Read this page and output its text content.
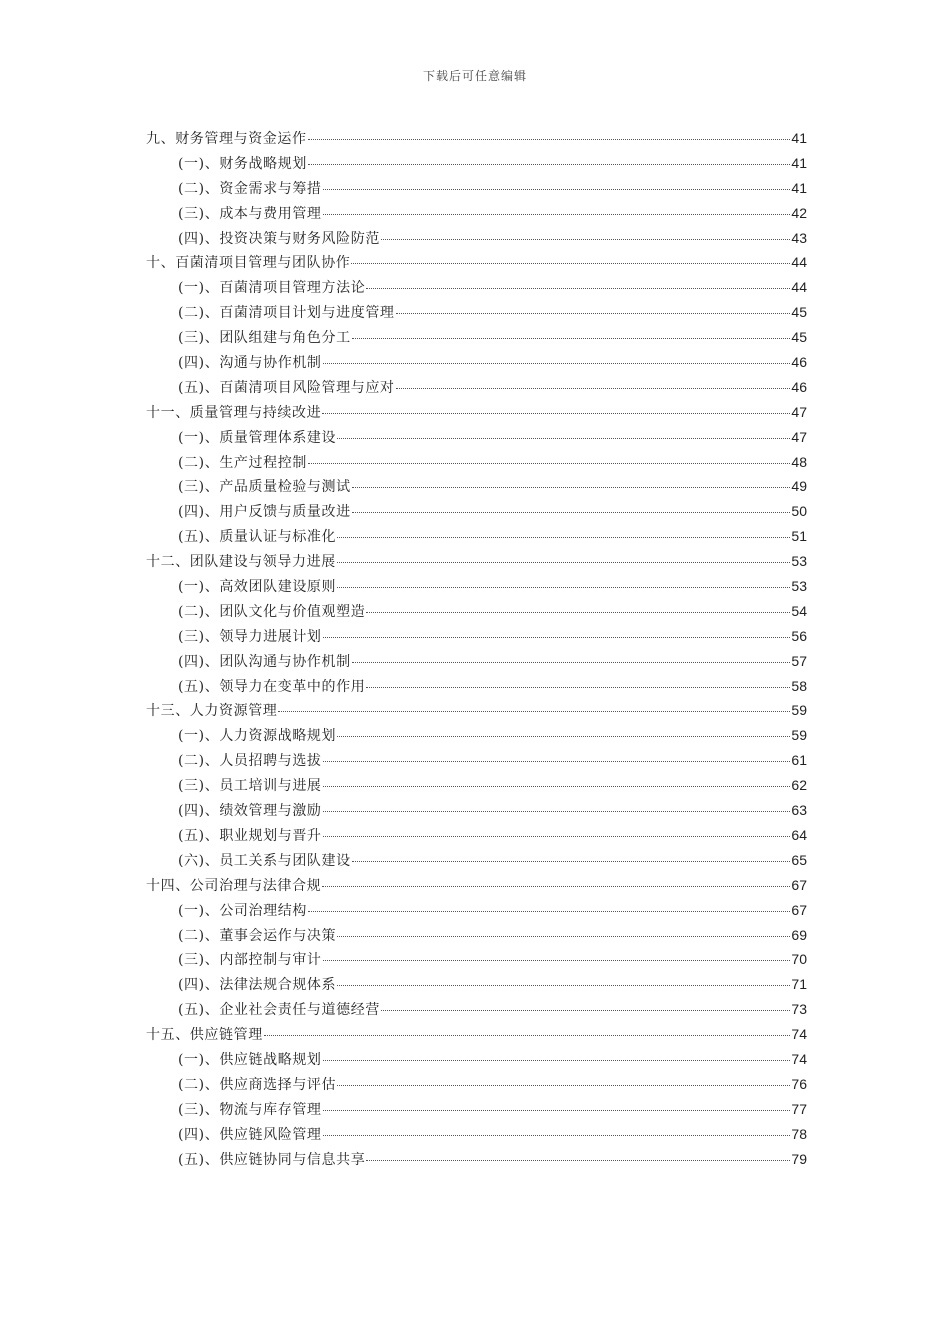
下载后可任意编辑
九、财务管理与资金运作	41
(一)、财务战略规划	41
(二)、资金需求与筹措	41
(三)、成本与费用管理	42
(四)、投资决策与财务风险防范	43
十、百菌清项目管理与团队协作	44
(一)、百菌清项目管理方法论	44
(二)、百菌清项目计划与进度管理	45
(三)、团队组建与角色分工	45
(四)、沟通与协作机制	46
(五)、百菌清项目风险管理与应对	46
十一、质量管理与持续改进	47
(一)、质量管理体系建设	47
(二)、生产过程控制	48
(三)、产品质量检验与测试	49
(四)、用户反馈与质量改进	50
(五)、质量认证与标准化	51
十二、团队建设与领导力进展	53
(一)、高效团队建设原则	53
(二)、团队文化与价值观塑造	54
(三)、领导力进展计划	56
(四)、团队沟通与协作机制	57
(五)、领导力在变革中的作用	58
十三、人力资源管理	59
(一)、人力资源战略规划	59
(二)、人员招聘与选拔	61
(三)、员工培训与进展	62
(四)、绩效管理与激励	63
(五)、职业规划与晋升	64
(六)、员工关系与团队建设	65
十四、公司治理与法律合规	67
(一)、公司治理结构	67
(二)、董事会运作与决策	69
(三)、内部控制与审计	70
(四)、法律法规合规体系	71
(五)、企业社会责任与道德经营	73
十五、供应链管理	74
(一)、供应链战略规划	74
(二)、供应商选择与评估	76
(三)、物流与库存管理	77
(四)、供应链风险管理	78
(五)、供应链协同与信息共享	79
